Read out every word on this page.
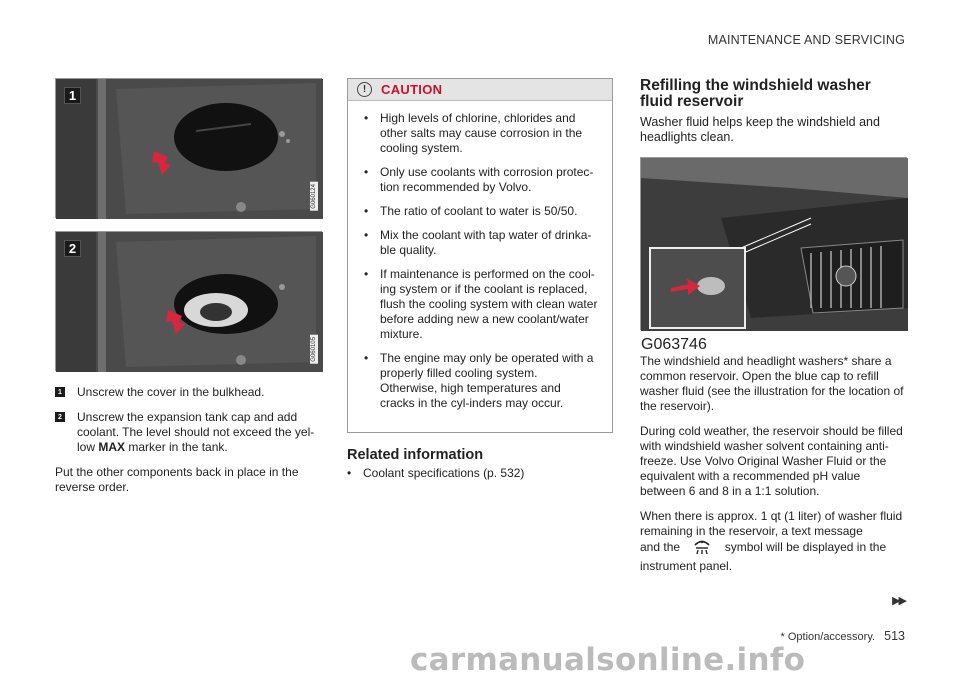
MAINTENANCE AND SERVICING
1
G060124
2
G060105
1 Unscrew the cover in the bulkhead.
2 Unscrew the expansion tank cap and add coolant. The level should not exceed the yel-low MAX marker in the tank.

Put the other components back in place in the reverse order.

!	CAUTION
• High levels of chlorine, chlorides and other salts may cause corrosion in the cooling system.
• Only use coolants with corrosion protec-tion recommended by Volvo.
• The ratio of coolant to water is 50/50.
• Mix the coolant with tap water of drinka-ble quality.
• If maintenance is performed on the cool-ing system or if the coolant is replaced, flush the cooling system with clean water before adding new a new coolant/water mixture.
• The engine may only be operated with a properly filled cooling system. Otherwise, high temperatures and cracks in the cyl-inders may occur.
Related information
• Coolant specifications (p. 532)
Refilling the windshield washer fluid reservoir

Washer fluid helps keep the windshield and headlights clean.

G063746

The windshield and headlight washers* share a common reservoir. Open the blue cap to refill washer fluid (see the illustration for the location of the reservoir).

During cold weather, the reservoir should be filled with windshield washer solvent containing anti-freeze. Use Volvo Original Washer Fluid or the equivalent with a recommended pH value between 6 and 8 in a 1:1 solution.

When there is approx. 1 qt (1 liter) of washer fluid remaining in the reservoir, a text message

and the	symbol will be displayed in the instrument panel.

▶▶
* Option/accessory. 513
carmanualsonline.info
